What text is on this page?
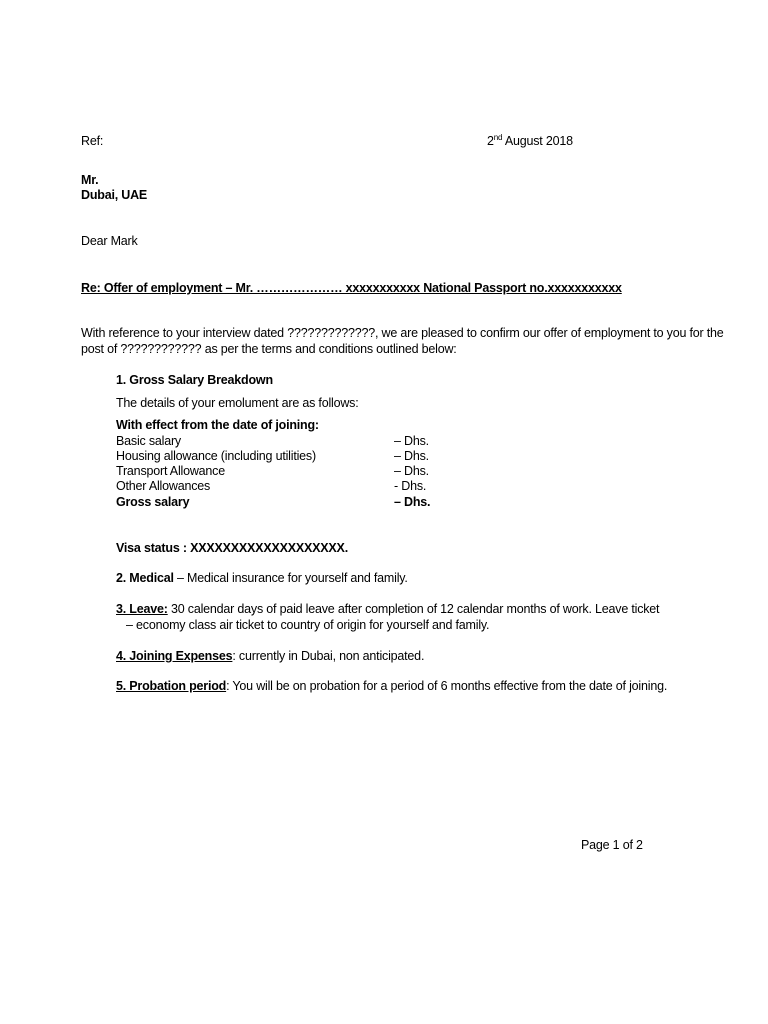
Ref:	2nd August 2018
Mr.
Dubai, UAE
Dear Mark
Re: Offer of employment – Mr. ………………… xxxxxxxxxxx National Passport no.xxxxxxxxxxx
With reference to your interview dated ?????????????, we are pleased to confirm our offer of employment to you for the
post of ???????????? as per the terms and conditions outlined below:
1. Gross Salary Breakdown
The details of your emolument are as follows:
With effect from the date of joining:
Basic salary	– Dhs.
Housing allowance (including utilities)	– Dhs.
Transport Allowance	– Dhs.
Other Allowances	- Dhs.
Gross salary	– Dhs.
Visa status : XXXXXXXXXXXXXXXXXXX.
2. Medical – Medical insurance for yourself and family.
3. Leave: 30 calendar days of paid leave after completion of 12 calendar months of work. Leave ticket
– economy class air ticket to country of origin for yourself and family.
4. Joining Expenses: currently in Dubai, non anticipated.
5. Probation period: You will be on probation for a period of 6 months effective from the date of joining.
Page 1 of 2
